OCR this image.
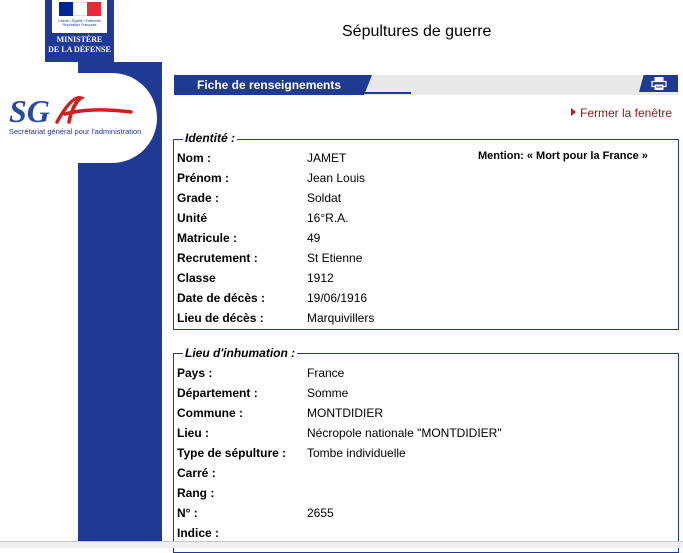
Liberté • Égalité • Fraternité
République Française
MINISTÈRE
DE LA DÉFENSE
SG
Secrétariat général pour l'administration
Sépultures de guerre
Fiche de renseignements
Fermer la fenêtre
Identité :
Mention: « Mort pour la France »
Nom :	JAMET
Prénom :	Jean Louis
Grade :	Soldat
Unité	16°R.A.
Matricule :	49
Recrutement :	St Etienne
Classe	1912
Date de décès :	19/06/1916
Lieu de décès :	Marquivillers
Lieu d'inhumation :
Pays :	France
Département :	Somme
Commune :	MONTDIDIER
Lieu :	Nécropole nationale "MONTDIDIER"
Type de sépulture : Tombe individuelle
Carré :
Rang :
N° :	2655
Indice :
